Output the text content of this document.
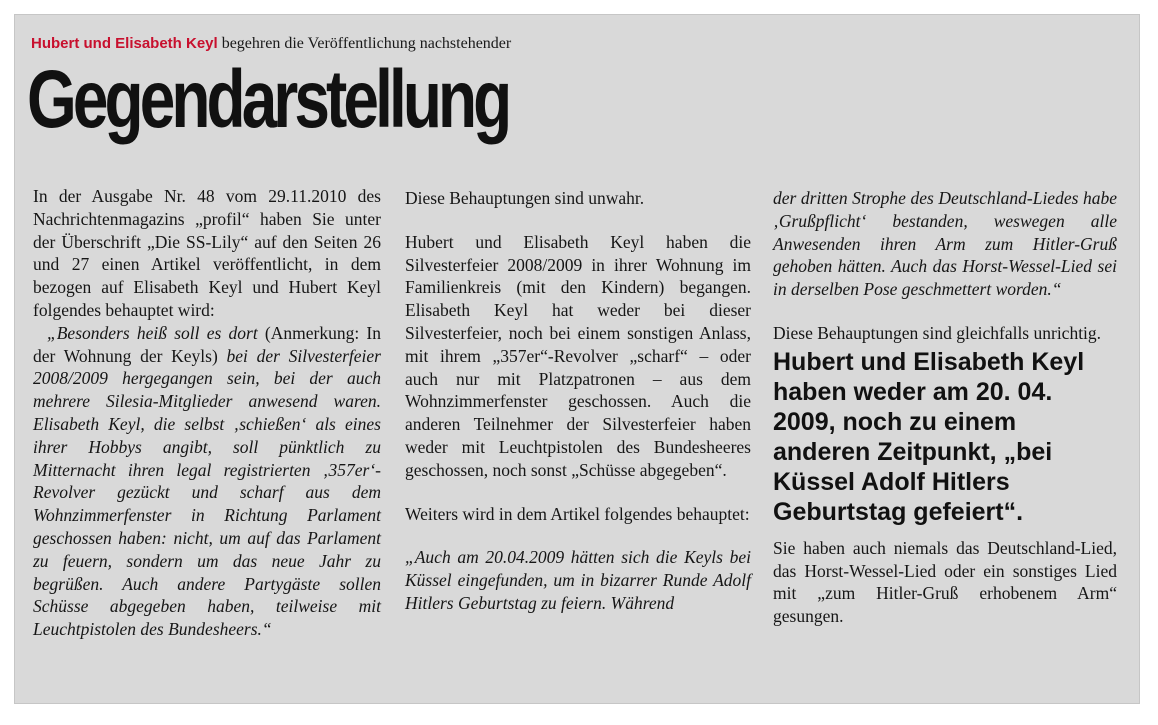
Hubert und Elisabeth Keyl begehren die Veröffentlichung nachstehender
Gegendarstellung

In der Ausgabe Nr. 48 vom 29.11.2010 des Nachrichtenmagazins „profil“ haben Sie unter der Überschrift „Die SS-Lily“ auf den Seiten 26 und 27 einen Artikel veröffentlicht, in dem bezogen auf Elisabeth Keyl und Hubert Keyl folgendes behauptet wird:

„Besonders heiß soll es dort (Anmerkung: In der Wohnung der Keyls) bei der Silvesterfeier 2008/2009 hergegangen sein, bei der auch mehrere Silesia-Mitglieder anwesend waren. Elisabeth Keyl, die selbst ‚schießen‘ als eines ihrer Hobbys angibt, soll pünktlich zu Mitternacht ihren legal registrierten ‚357er‘-Revolver gezückt und scharf aus dem Wohnzimmerfenster in Richtung Parlament geschossen haben: nicht, um auf das Parlament zu feuern, sondern um das neue Jahr zu begrüßen. Auch andere Partygäste sollen Schüsse abgegeben haben, teilweise mit Leuchtpistolen des Bundesheers.“

Diese Behauptungen sind unwahr.

Hubert und Elisabeth Keyl haben die Silvesterfeier 2008/2009 in ihrer Wohnung im Familienkreis (mit den Kindern) begangen. Elisabeth Keyl hat weder bei dieser Silvesterfeier, noch bei einem sonstigen Anlass, mit ihrem „357er“-Revolver „scharf“ – oder auch nur mit Platzpatronen – aus dem Wohnzimmerfenster geschossen. Auch die anderen Teilnehmer der Silvesterfeier haben weder mit Leuchtpistolen des Bundesheeres geschossen, noch sonst „Schüsse abgegeben“.

Weiters wird in dem Artikel folgendes behauptet:

„Auch am 20.04.2009 hätten sich die Keyls bei Küssel eingefunden, um in bizarrer Runde Adolf Hitlers Geburtstag zu feiern. Während

der dritten Strophe des Deutschland-Liedes habe ‚Grußpflicht‘ bestanden, weswegen alle Anwesenden ihren Arm zum Hitler-Gruß gehoben hätten. Auch das Horst-Wessel-Lied sei in derselben Pose geschmettert worden.“

Diese Behauptungen sind gleichfalls unrichtig.

Hubert und Elisabeth Keyl haben weder am 20. 04. 2009, noch zu einem anderen Zeitpunkt, „bei Küssel Adolf Hitlers Geburtstag gefeiert“.

Sie haben auch niemals das Deutschland-Lied, das Horst-Wessel-Lied oder ein sonstiges Lied mit „zum Hitler-Gruß erhobenem Arm“ gesungen.
